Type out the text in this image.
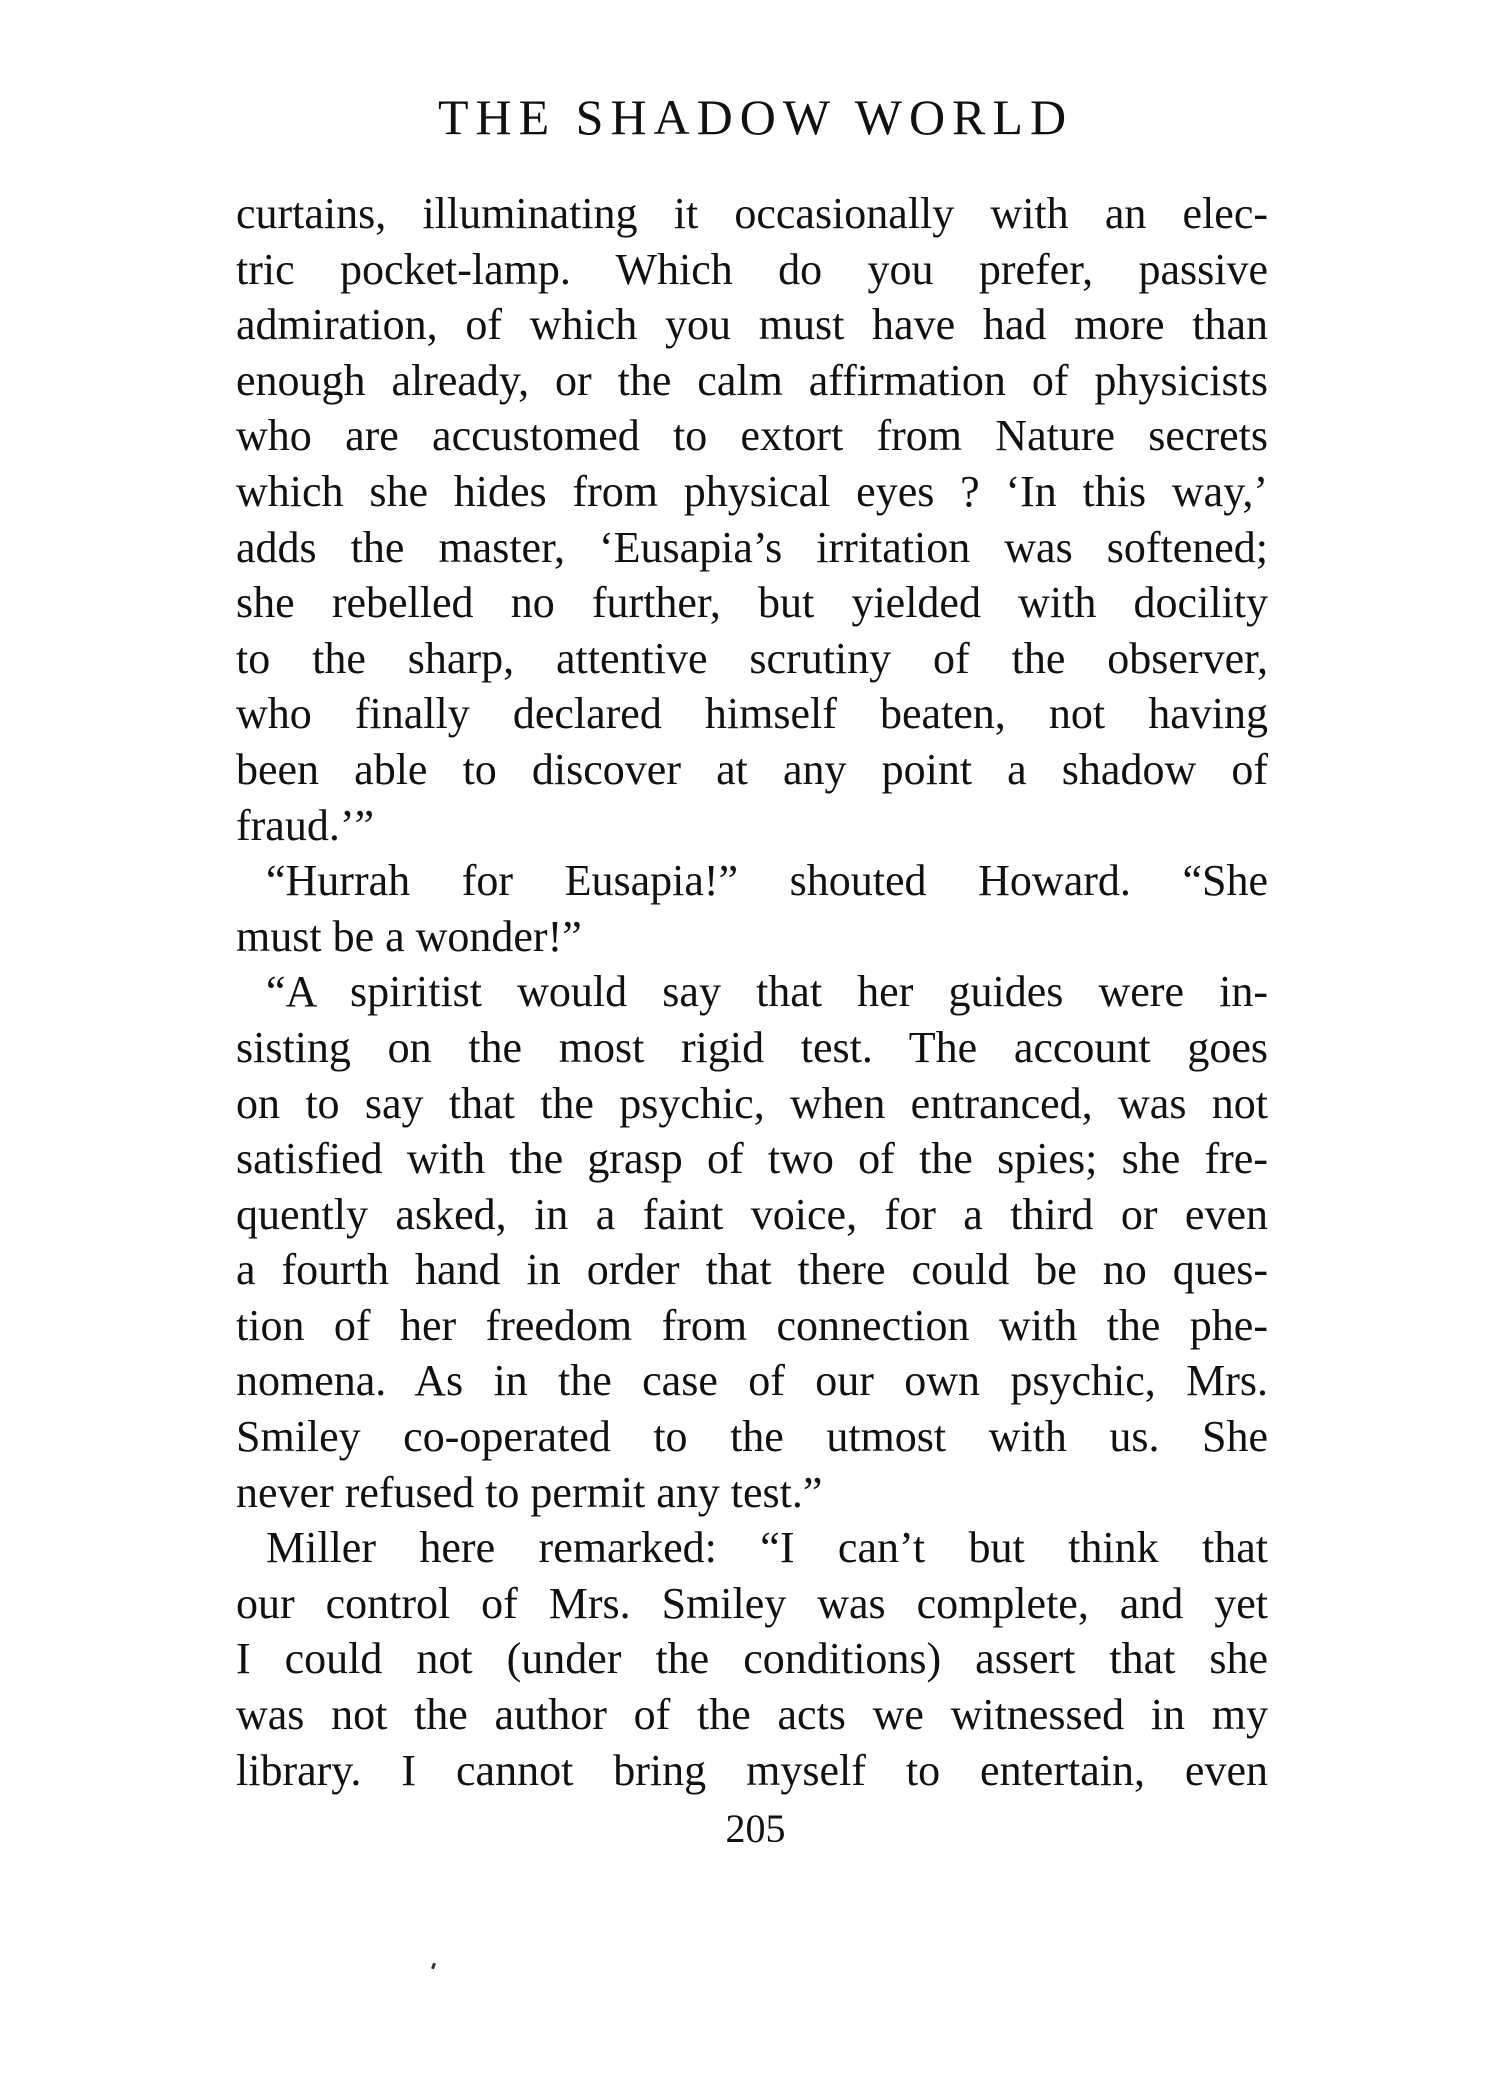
THE SHADOW WORLD
curtains, illuminating it occasionally with an elec-
tric pocket-lamp. Which do you prefer, passive
admiration, of which you must have had more than
enough already, or the calm affirmation of physicists
who are accustomed to extort from Nature secrets
which she hides from physical eyes ? ‘In this way,’
adds the master, ‘Eusapia’s irritation was softened;
she rebelled no further, but yielded with docility
to the sharp, attentive scrutiny of the observer,
who finally declared himself beaten, not having
been able to discover at any point a shadow of
fraud.’”
“Hurrah for Eusapia!” shouted Howard. “She
must be a wonder!”
“A spiritist would say that her guides were in-
sisting on the most rigid test. The account goes
on to say that the psychic, when entranced, was not
satisfied with the grasp of two of the spies; she fre-
quently asked, in a faint voice, for a third or even
a fourth hand in order that there could be no ques-
tion of her freedom from connection with the phe-
nomena. As in the case of our own psychic, Mrs.
Smiley co-operated to the utmost with us. She
never refused to permit any test.”
Miller here remarked: “I can’t but think that
our control of Mrs. Smiley was complete, and yet
I could not (under the conditions) assert that she
was not the author of the acts we witnessed in my
library. I cannot bring myself to entertain, even
205
